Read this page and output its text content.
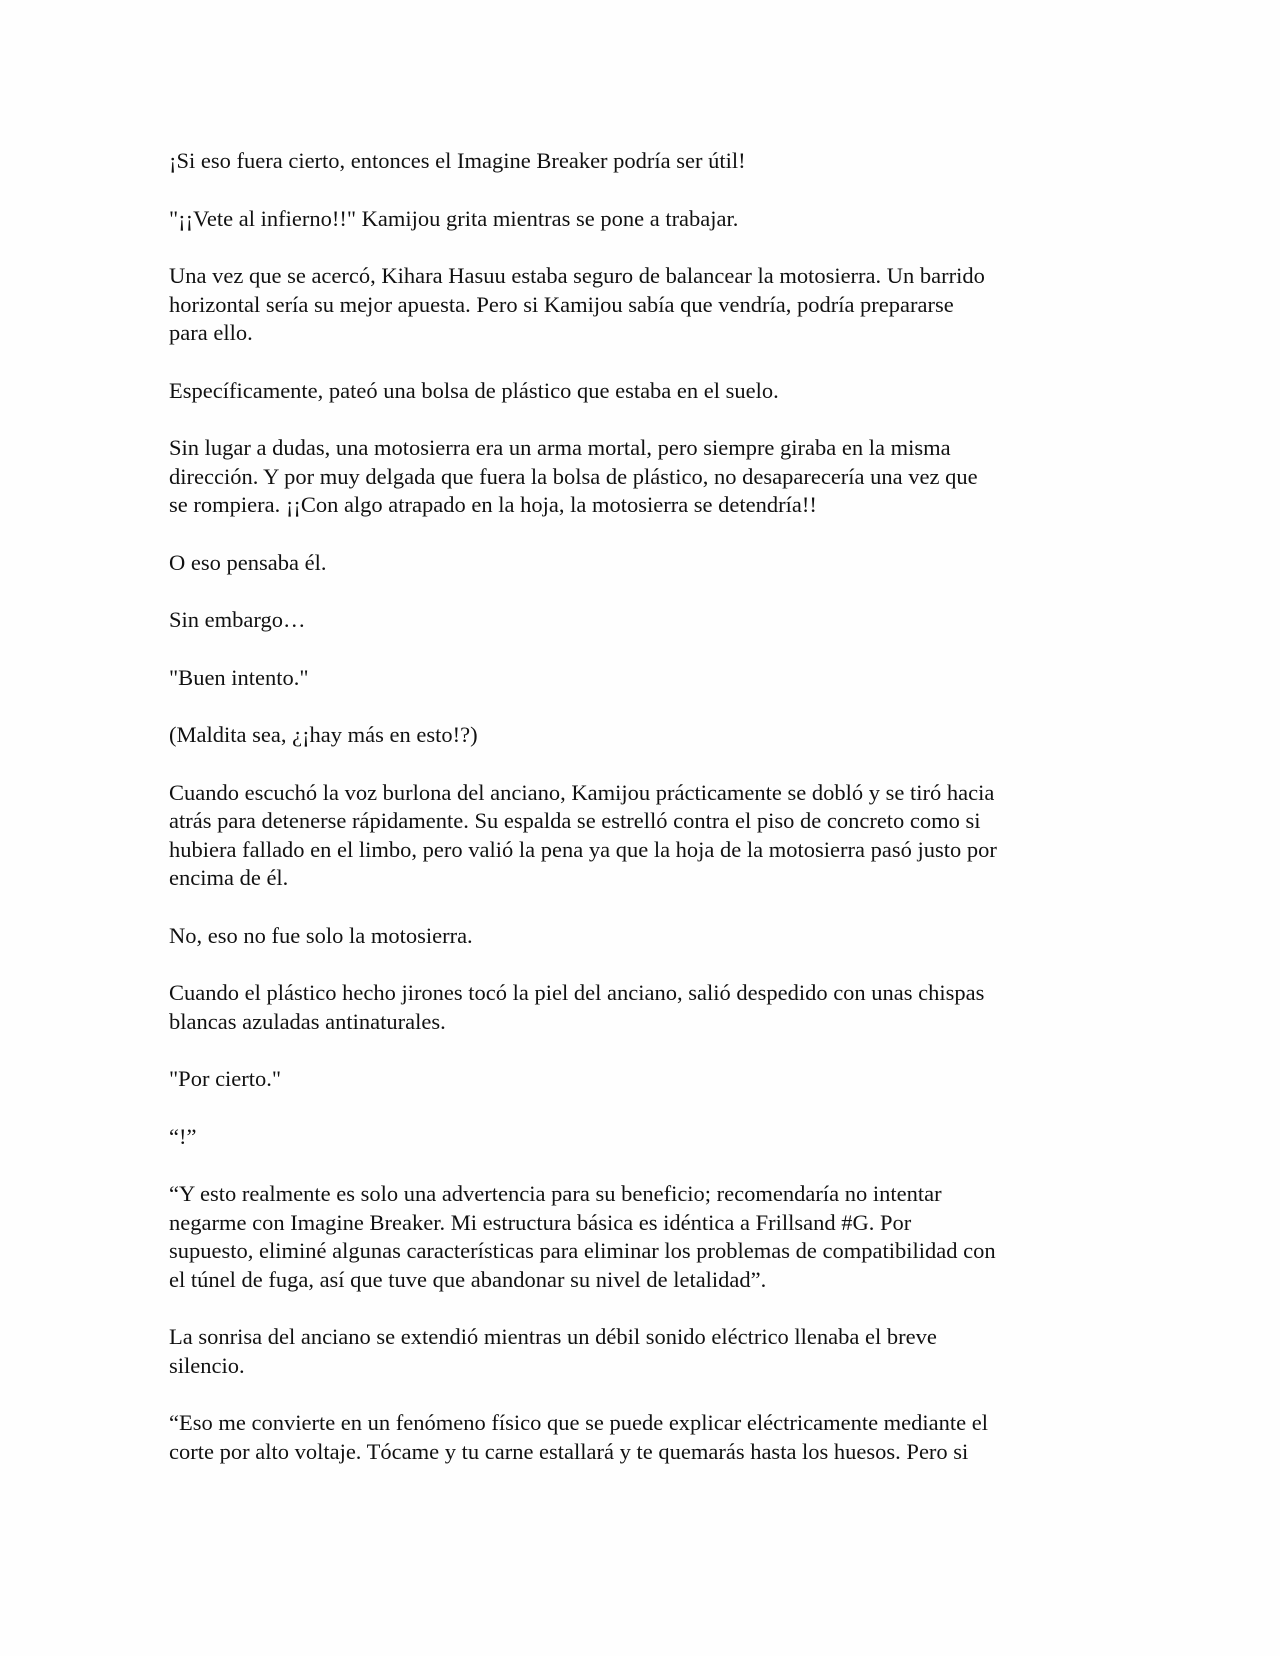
¡Si eso fuera cierto, entonces el Imagine Breaker podría ser útil!

"¡¡Vete al infierno!!" Kamijou grita mientras se pone a trabajar.

Una vez que se acercó, Kihara Hasuu estaba seguro de balancear la motosierra. Un barrido
horizontal sería su mejor apuesta. Pero si Kamijou sabía que vendría, podría prepararse
para ello.

Específicamente, pateó una bolsa de plástico que estaba en el suelo.

Sin lugar a dudas, una motosierra era un arma mortal, pero siempre giraba en la misma
dirección. Y por muy delgada que fuera la bolsa de plástico, no desaparecería una vez que
se rompiera. ¡¡Con algo atrapado en la hoja, la motosierra se detendría!!

O eso pensaba él.

Sin embargo…

"Buen intento."

(Maldita sea, ¿¡hay más en esto!?)

Cuando escuchó la voz burlona del anciano, Kamijou prácticamente se dobló y se tiró hacia
atrás para detenerse rápidamente. Su espalda se estrelló contra el piso de concreto como si
hubiera fallado en el limbo, pero valió la pena ya que la hoja de la motosierra pasó justo por
encima de él.

No, eso no fue solo la motosierra.

Cuando el plástico hecho jirones tocó la piel del anciano, salió despedido con unas chispas
blancas azuladas antinaturales.

"Por cierto."

“!”

“Y esto realmente es solo una advertencia para su beneficio; recomendaría no intentar
negarme con Imagine Breaker. Mi estructura básica es idéntica a Frillsand #G. Por
supuesto, eliminé algunas características para eliminar los problemas de compatibilidad con
el túnel de fuga, así que tuve que abandonar su nivel de letalidad”.

La sonrisa del anciano se extendió mientras un débil sonido eléctrico llenaba el breve
silencio.

“Eso me convierte en un fenómeno físico que se puede explicar eléctricamente mediante el
corte por alto voltaje. Tócame y tu carne estallará y te quemarás hasta los huesos. Pero si
